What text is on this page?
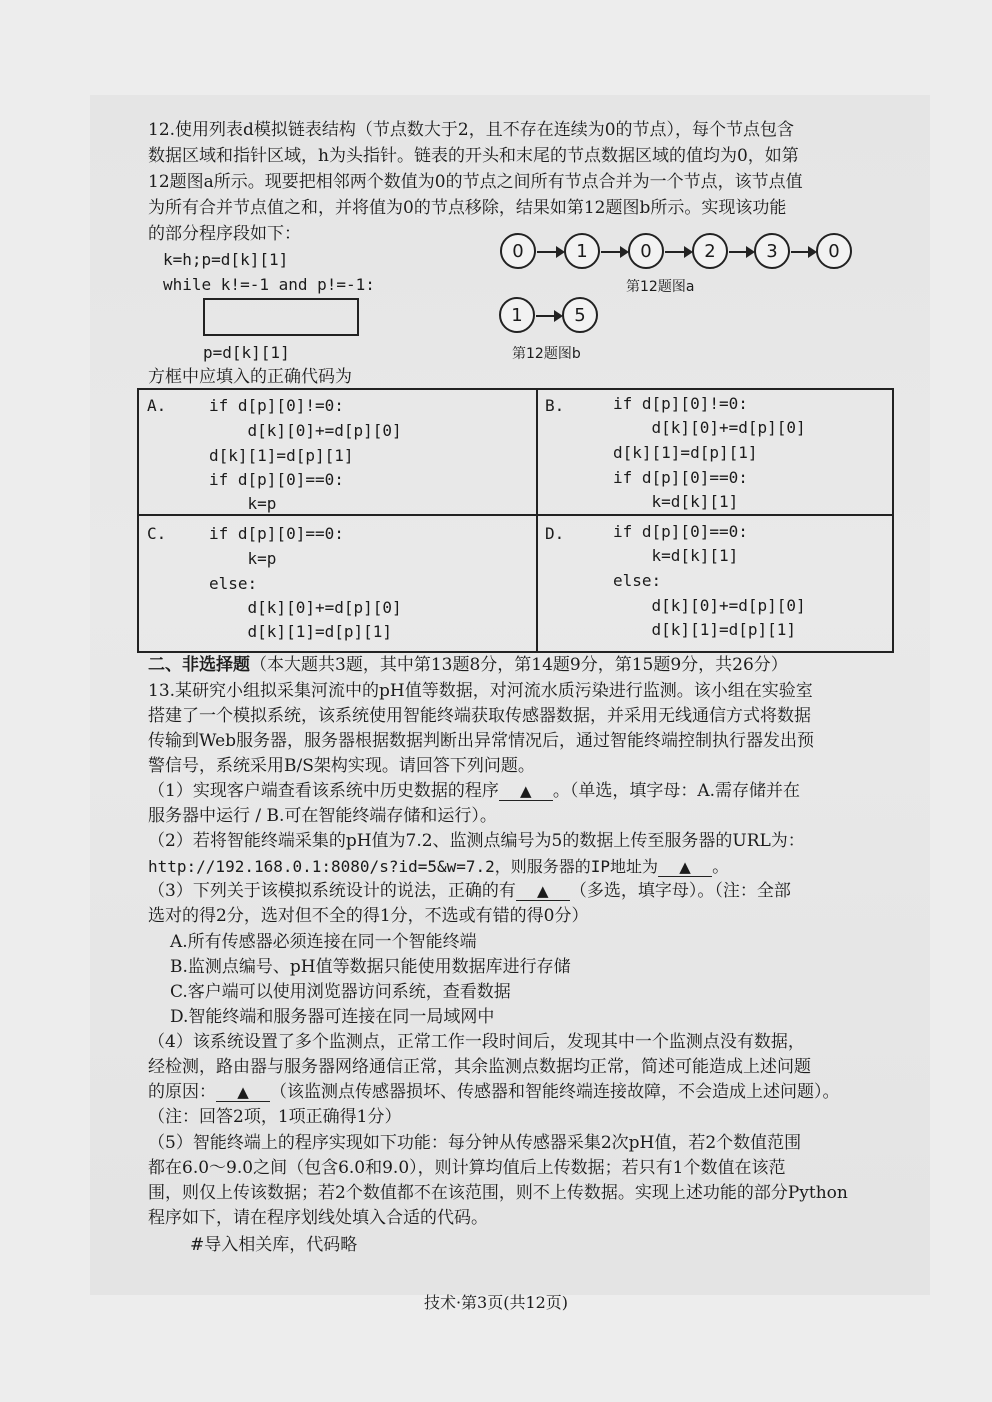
12.使用列表d模拟链表结构（节点数大于2，且不存在连续为0的节点），每个节点包含
数据区域和指针区域，h为头指针。链表的开头和末尾的节点数据区域的值均为0，如第
12题图a所示。现要把相邻两个数值为0的节点之间所有节点合并为一个节点，该节点值
为所有合并节点值之和，并将值为0的节点移除，结果如第12题图b所示。实现该功能
的部分程序段如下：
k=h;p=d[k][1]
while k!=-1 and p!=-1:
p=d[k][1]
0	1	0	2	3	0
第12题图a
1	5
第12题图b
方框中应填入的正确代码为
A.	if d[p][0]!=0:
d[k][0]+=d[p][0]
d[k][1]=d[p][1]
if d[p][0]==0:
k=p
B.	if d[p][0]!=0:
d[k][0]+=d[p][0]
d[k][1]=d[p][1]
if d[p][0]==0:
k=d[k][1]
C.	if d[p][0]==0:
k=p
else:
d[k][0]+=d[p][0]
d[k][1]=d[p][1]
D.	if d[p][0]==0:
k=d[k][1]
else:
d[k][0]+=d[p][0]
d[k][1]=d[p][1]
二、非选择题（本大题共3题，其中第13题8分，第14题9分，第15题9分，共26分）
13.某研究小组拟采集河流中的pH值等数据，对河流水质污染进行监测。该小组在实验室
搭建了一个模拟系统，该系统使用智能终端获取传感器数据，并采用无线通信方式将数据
传输到Web服务器，服务器根据数据判断出异常情况后，通过智能终端控制执行器发出预
警信号，系统采用B/S架构实现。请回答下列问题。
（1）实现客户端查看该系统中历史数据的程序 ▲ 。（单选，填字母：A.需存储并在
服务器中运行 / B.可在智能终端存储和运行）。
（2）若将智能终端采集的pH值为7.2、监测点编号为5的数据上传至服务器的URL为：
http://192.168.0.1:8080/s?id=5&w=7.2，则服务器的IP地址为 ▲ 。
（3）下列关于该模拟系统设计的说法，正确的有 ▲ （多选，填字母）。（注：全部
选对的得2分，选对但不全的得1分，不选或有错的得0分）
A.所有传感器必须连接在同一个智能终端
B.监测点编号、pH值等数据只能使用数据库进行存储
C.客户端可以使用浏览器访问系统，查看数据
D.智能终端和服务器可连接在同一局域网中
（4）该系统设置了多个监测点，正常工作一段时间后，发现其中一个监测点没有数据，
经检测，路由器与服务器网络通信正常，其余监测点数据均正常，简述可能造成上述问题
的原因： ▲ （该监测点传感器损坏、传感器和智能终端连接故障，不会造成上述问题）。
（注：回答2项，1项正确得1分）
（5）智能终端上的程序实现如下功能：每分钟从传感器采集2次pH值，若2个数值范围
都在6.0～9.0之间（包含6.0和9.0），则计算均值后上传数据；若只有1个数值在该范
围，则仅上传该数据；若2个数值都不在该范围，则不上传数据。实现上述功能的部分Python
程序如下，请在程序划线处填入合适的代码。
#导入相关库，代码略
技术·第3页(共12页)
